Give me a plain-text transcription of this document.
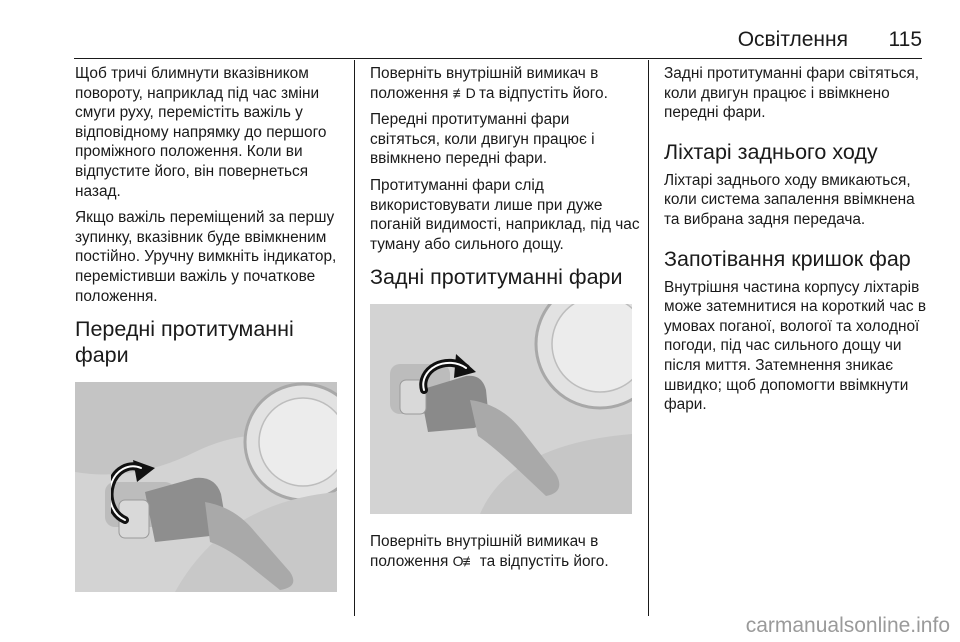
Освітлення 115

Щоб тричі блимнути вказівником повороту, наприклад під час зміни смуги руху, перемістіть важіль у відповідному напрямку до першого проміжного положення. Коли ви відпустите його, він повернеться назад.

Якщо важіль переміщений за першу зупинку, вказівник буде ввімкненим постійно. Уручну вимкніть індикатор, перемістивши важіль у початкове положення.

Передні протитуманні фари

Поверніть внутрішній вимикач в положення ≢D та відпустіть його.

Передні протитуманні фари світяться, коли двигун працює і ввімкнено передні фари.

Протитуманні фари слід використовувати лише при дуже поганій видимості, наприклад, під час туману або сильного дощу.

Задні протитуманні фари

Поверніть внутрішній вимикач в положення O≢ та відпустіть його.

Задні протитуманні фари світяться, коли двигун працює і ввімкнено передні фари.

Ліхтарі заднього ходу

Ліхтарі заднього ходу вмикаються, коли система запалення ввімкнена та вибрана задня передача.

Запотівання кришок фар

Внутрішня частина корпусу ліхтарів може затемнитися на короткий час в умовах поганої, вологої та холодної погоди, під час сильного дощу чи після миття. Затемнення зникає швидко; щоб допомогти ввімкнути фари.

carmanualsonline.info
